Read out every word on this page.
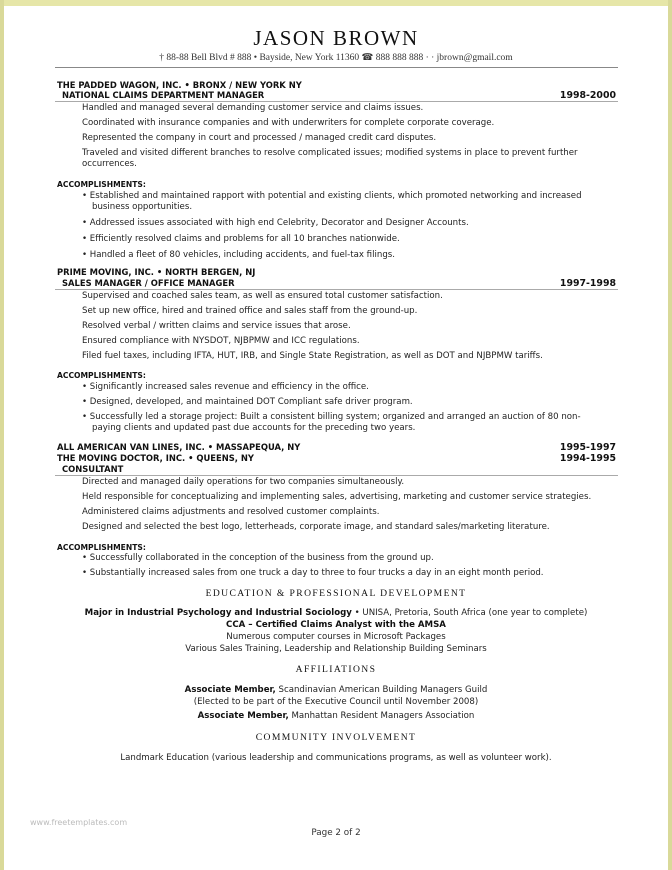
JASON BROWN
† 88-88 Bell Blvd # 888 • Bayside, New York 11360 ☎ 888 888 888 · · jbrown@gmail.com
THE PADDED WAGON, INC. • BRONX / NEW YORK NY
NATIONAL CLAIMS DEPARTMENT MANAGER	1998-2000
Handled and managed several demanding customer service and claims issues.
Coordinated with insurance companies and with underwriters for complete corporate coverage.
Represented the company in court and processed / managed credit card disputes.
Traveled and visited different branches to resolve complicated issues; modified systems in place to prevent further
occurrences.
ACCOMPLISHMENTS:
• Established and maintained rapport with potential and existing clients, which promoted networking and increased
business opportunities.
• Addressed issues associated with high end Celebrity, Decorator and Designer Accounts.
• Efficiently resolved claims and problems for all 10 branches nationwide.
• Handled a fleet of 80 vehicles, including accidents, and fuel-tax filings.
PRIME MOVING, INC. • NORTH BERGEN, NJ
SALES MANAGER / OFFICE MANAGER	1997-1998
Supervised and coached sales team, as well as ensured total customer satisfaction.
Set up new office, hired and trained office and sales staff from the ground-up.
Resolved verbal / written claims and service issues that arose.
Ensured compliance with NYSDOT, NJBPMW and ICC regulations.
Filed fuel taxes, including IFTA, HUT, IRB, and Single State Registration, as well as DOT and NJBPMW tariffs.
ACCOMPLISHMENTS:
• Significantly increased sales revenue and efficiency in the office.
• Designed, developed, and maintained DOT Compliant safe driver program.
• Successfully led a storage project: Built a consistent billing system; organized and arranged an auction of 80 non-
paying clients and updated past due accounts for the preceding two years.
ALL AMERICAN VAN LINES, INC. • MASSAPEQUA, NY	1995-1997
THE MOVING DOCTOR, INC. • QUEENS, NY	1994-1995
CONSULTANT
Directed and managed daily operations for two companies simultaneously.
Held responsible for conceptualizing and implementing sales, advertising, marketing and customer service strategies.
Administered claims adjustments and resolved customer complaints.
Designed and selected the best logo, letterheads, corporate image, and standard sales/marketing literature.
ACCOMPLISHMENTS:
• Successfully collaborated in the conception of the business from the ground up.
• Substantially increased sales from one truck a day to three to four trucks a day in an eight month period.
EDUCATION & PROFESSIONAL DEVELOPMENT
Major in Industrial Psychology and Industrial Sociology • UNISA, Pretoria, South Africa (one year to complete)
CCA – Certified Claims Analyst with the AMSA
Numerous computer courses in Microsoft Packages
Various Sales Training, Leadership and Relationship Building Seminars
AFFILIATIONS
Associate Member, Scandinavian American Building Managers Guild
(Elected to be part of the Executive Council until November 2008)
Associate Member, Manhattan Resident Managers Association
COMMUNITY INVOLVEMENT
Landmark Education (various leadership and communications programs, as well as volunteer work).
www.freetemplates.com
Page 2 of 2
